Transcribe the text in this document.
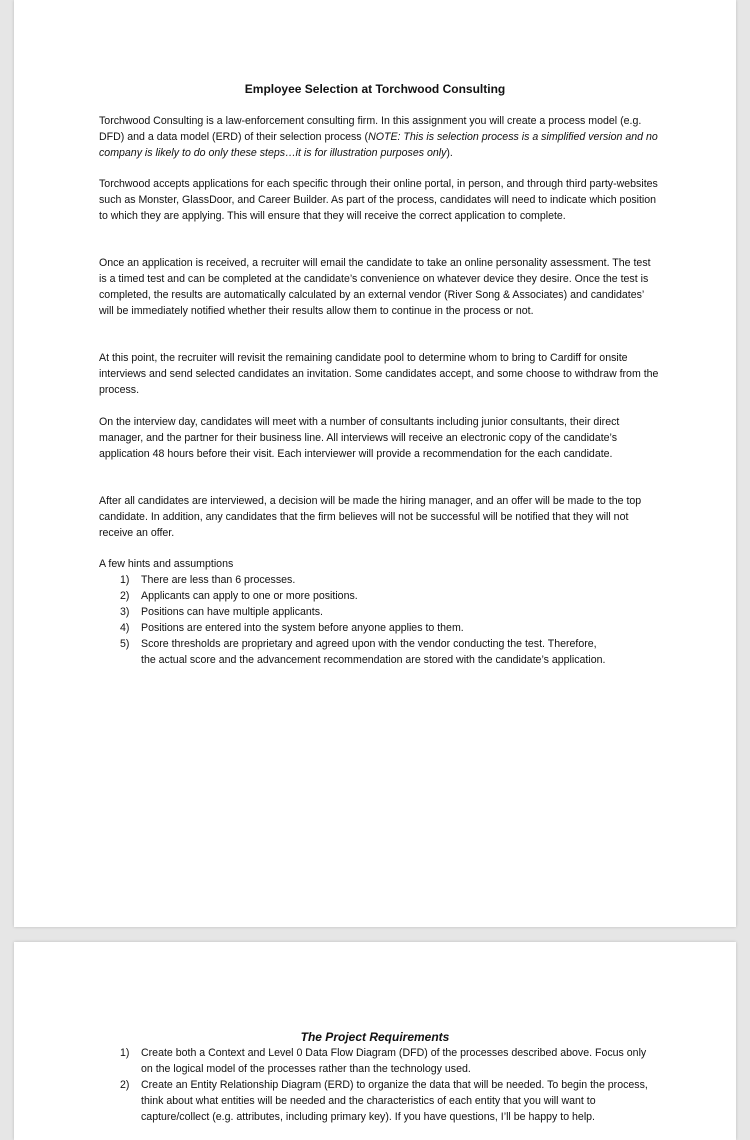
Employee Selection at Torchwood Consulting

Torchwood Consulting is a law-enforcement consulting firm. In this assignment you will create a process model (e.g. DFD) and a data model (ERD) of their selection process (NOTE: This is selection process is a simplified version and no company is likely to do only these steps…it is for illustration purposes only).

Torchwood accepts applications for each specific through their online portal, in person, and through third party-websites such as Monster, GlassDoor, and Career Builder. As part of the process, candidates will need to indicate which position to which they are applying. This will ensure that they will receive the correct application to complete.

Once an application is received, a recruiter will email the candidate to take an online personality assessment. The test is a timed test and can be completed at the candidate’s convenience on whatever device they desire. Once the test is completed, the results are automatically calculated by an external vendor (River Song & Associates) and candidates’ will be immediately notified whether their results allow them to continue in the process or not.

At this point, the recruiter will revisit the remaining candidate pool to determine whom to bring to Cardiff for onsite interviews and send selected candidates an invitation. Some candidates accept, and some choose to withdraw from the process.

On the interview day, candidates will meet with a number of consultants including junior consultants, their direct manager, and the partner for their business line. All interviews will receive an electronic copy of the candidate’s application 48 hours before their visit. Each interviewer will provide a recommendation for the each candidate.

After all candidates are interviewed, a decision will be made the hiring manager, and an offer will be made to the top candidate. In addition, any candidates that the firm believes will not be successful will be notified that they will not receive an offer.

A few hints and assumptions

1) There are less than 6 processes.
2) Applicants can apply to one or more positions.
3) Positions can have multiple applicants.
4) Positions are entered into the system before anyone applies to them.
5) Score thresholds are proprietary and agreed upon with the vendor conducting the test. Therefore, the actual score and the advancement recommendation are stored with the candidate’s application.
The Project Requirements
1) Create both a Context and Level 0 Data Flow Diagram (DFD) of the processes described above. Focus only on the logical model of the processes rather than the technology used.
2) Create an Entity Relationship Diagram (ERD) to organize the data that will be needed. To begin the process, think about what entities will be needed and the characteristics of each entity that you will want to capture/collect (e.g. attributes, including primary key). If you have questions, I’ll be happy to help.
